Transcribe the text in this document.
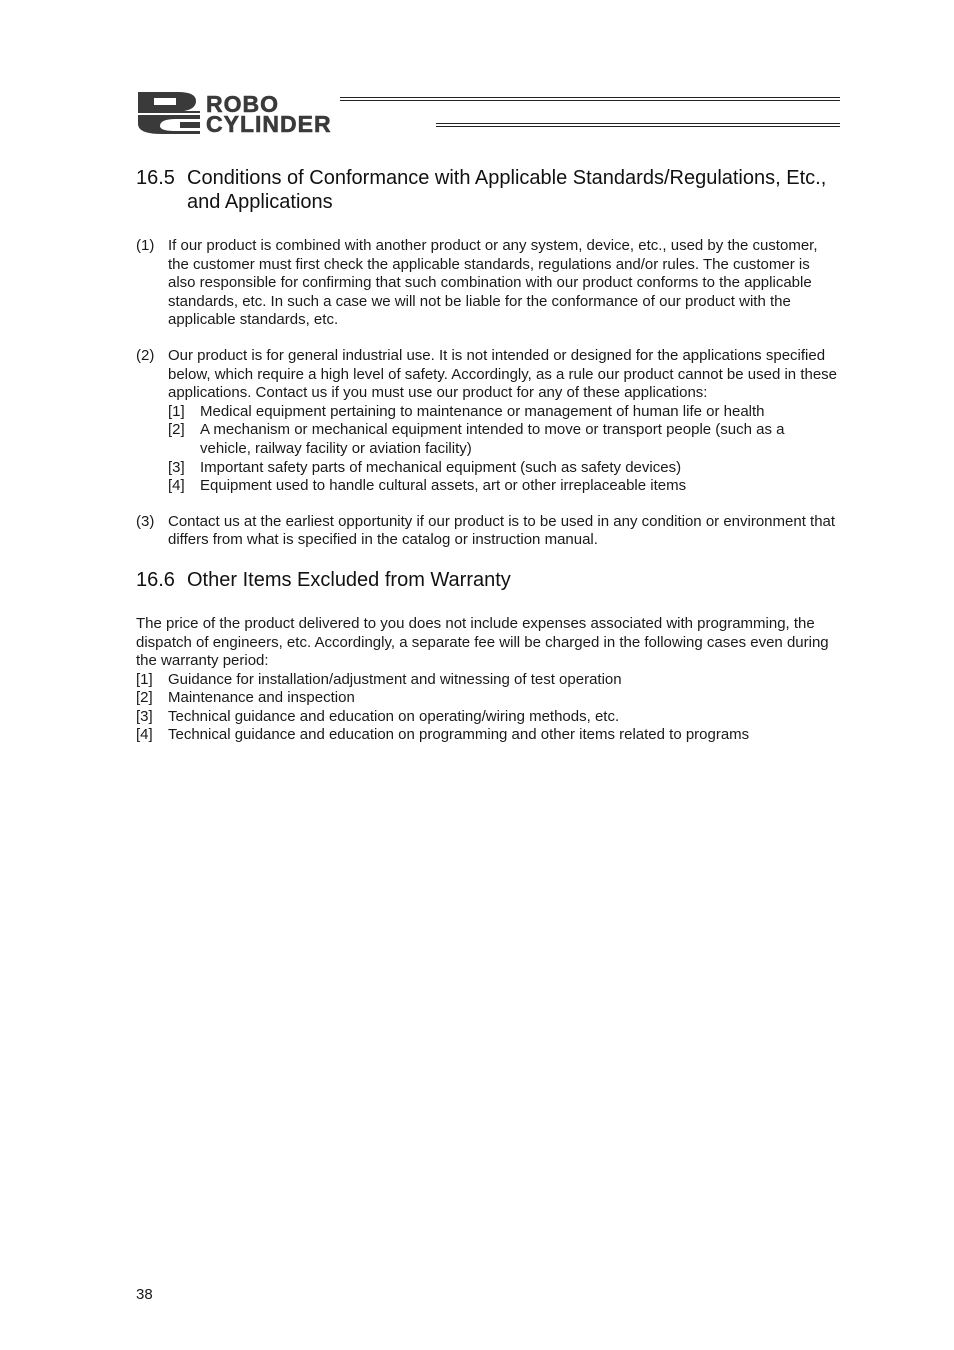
ROBO
CYLINDER
16.5 Conditions of Conformance with Applicable Standards/Regulations, Etc., and Applications
(1) If our product is combined with another product or any system, device, etc., used by the customer, the customer must first check the applicable standards, regulations and/or rules. The customer is also responsible for confirming that such combination with our product conforms to the applicable standards, etc. In such a case we will not be liable for the conformance of our product with the applicable standards, etc.
(2) Our product is for general industrial use. It is not intended or designed for the applications specified below, which require a high level of safety. Accordingly, as a rule our product cannot be used in these applications. Contact us if you must use our product for any of these applications:
[1]	Medical equipment pertaining to maintenance or management of human life or health
[2]	A mechanism or mechanical equipment intended to move or transport people (such as a vehicle, railway facility or aviation facility)
[3]	Important safety parts of mechanical equipment (such as safety devices)
[4]	Equipment used to handle cultural assets, art or other irreplaceable items
(3) Contact us at the earliest opportunity if our product is to be used in any condition or environment that differs from what is specified in the catalog or instruction manual.
16.6 Other Items Excluded from Warranty

The price of the product delivered to you does not include expenses associated with programming, the dispatch of engineers, etc. Accordingly, a separate fee will be charged in the following cases even during the warranty period:

[1]	Guidance for installation/adjustment and witnessing of test operation
[2]	Maintenance and inspection
[3]	Technical guidance and education on operating/wiring methods, etc.
[4]	Technical guidance and education on programming and other items related to programs
38
